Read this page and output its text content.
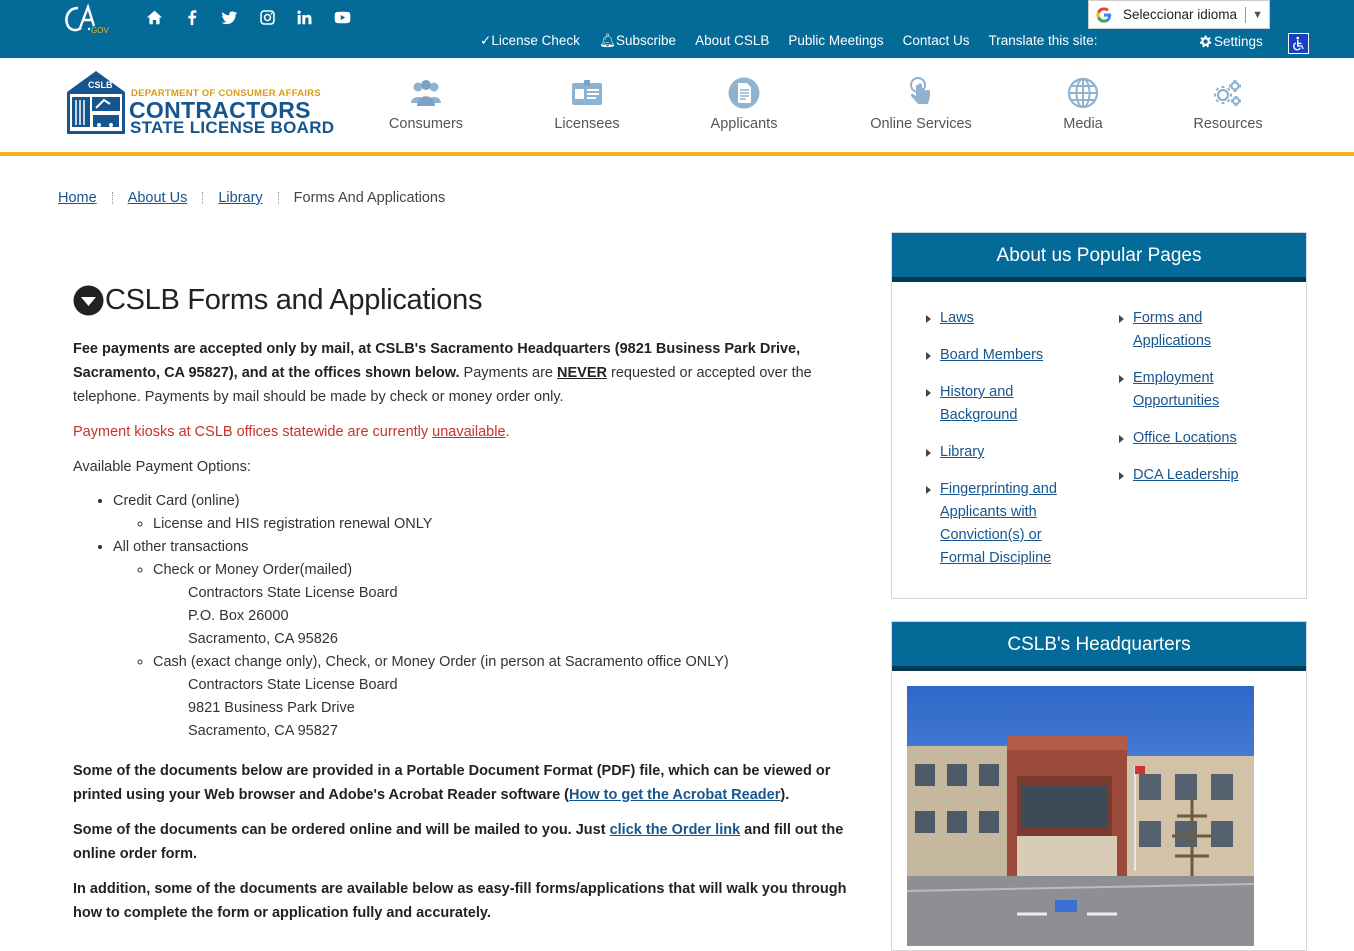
GOV
✓License Check 🔔︎Subscribe About CSLB Public Meetings Contact Us Translate this site:
Seleccionar idioma ▼
Settings
CSLB
DEPARTMENT OF CONSUMER AFFAIRS
CONTRACTORS
STATE LICENSE BOARD	Consumers	Licensees	Applicants	Online Services	Media	Resources
Home About Us Library Forms And Applications
CSLB Forms and Applications

Fee payments are accepted only by mail, at CSLB's Sacramento Headquarters (9821 Business Park Drive, Sacramento, CA 95827), and at the offices shown below. Payments are NEVER requested or accepted over the telephone. Payments by mail should be made by check or money order only.

Payment kiosks at CSLB offices statewide are currently unavailable.

Available Payment Options:

• Credit Card (online)
◦ License and HIS registration renewal ONLY
• All other transactions
◦ Check or Money Order(mailed)
Contractors State License Board
P.O. Box 26000
Sacramento, CA 95826
◦ Cash (exact change only), Check, or Money Order (in person at Sacramento office ONLY)
Contractors State License Board
9821 Business Park Drive
Sacramento, CA 95827

Some of the documents below are provided in a Portable Document Format (PDF) file, which can be viewed or printed using your Web browser and Adobe's Acrobat Reader software (How to get the Acrobat Reader).

Some of the documents can be ordered online and will be mailed to you. Just click the Order link and fill out the online order form.

In addition, some of the documents are available below as easy-fill forms/applications that will walk you through how to complete the form or application fully and accurately.

About us Popular Pages
Laws
Board Members
History and Background
Library
Fingerprinting and Applicants with Conviction(s) or Formal Discipline
Forms and Applications
Employment Opportunities
Office Locations
DCA Leadership
CSLB's Headquarters
